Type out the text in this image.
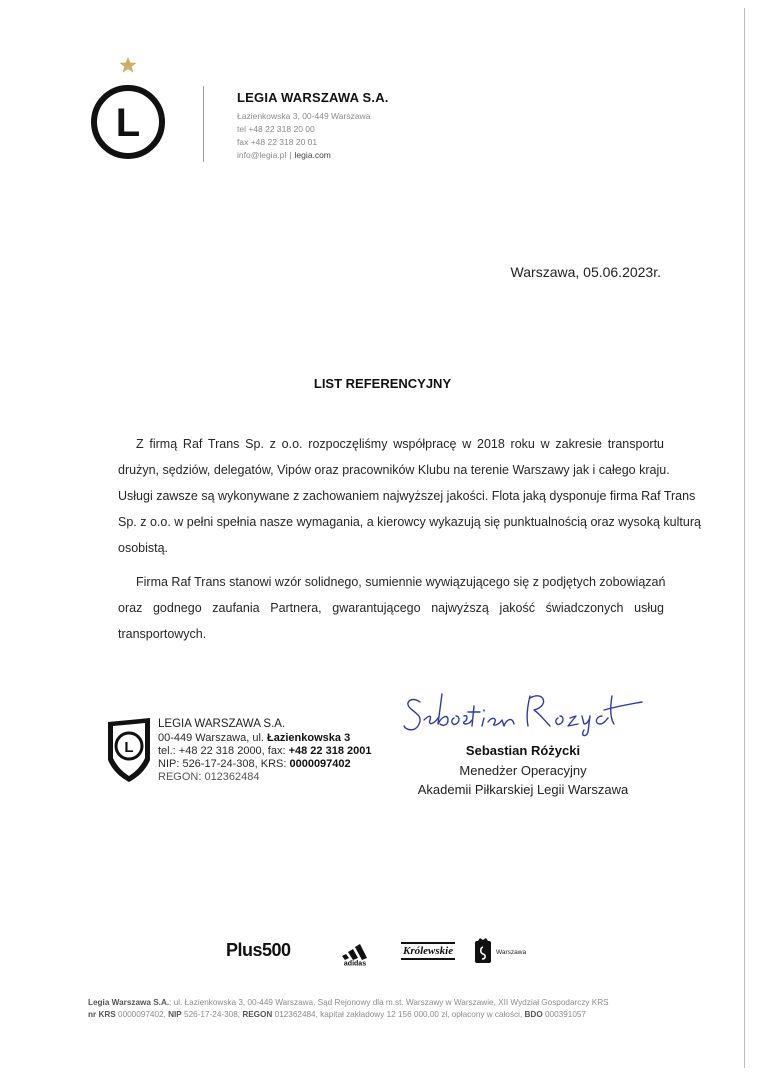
L
LEGIA WARSZAWA S.A.
Łazienkowska 3, 00-449 Warszawa
tel +48 22 318 20 00
fax +48 22 318 20 01
info@legia.pl | legia.com
Warszawa, 05.06.2023r.
LIST REFERENCYJNY
Z firmą Raf Trans Sp. z o.o. rozpoczęliśmy współpracę w 2018 roku w zakresie transportu
drużyn, sędziów, delegatów, Vipów oraz pracowników Klubu na terenie Warszawy jak i całego kraju.
Usługi zawsze są wykonywane z zachowaniem najwyższej jakości. Flota jaką dysponuje firma Raf Trans
Sp. z o.o. w pełni spełnia nasze wymagania, a kierowcy wykazują się punktualnością oraz wysoką kulturą
osobistą.
Firma Raf Trans stanowi wzór solidnego, sumiennie wywiązującego się z podjętych zobowiązań
oraz godnego zaufania Partnera, gwarantującego najwyższą jakość świadczonych usług
transportowych.
L
LEGIA WARSZAWA S.A.
00-449 Warszawa, ul. Łazienkowska 3
tel.: +48 22 318 2000, fax: +48 22 318 2001
NIP: 526-17-24-308, KRS: 0000097402
REGON: 012362484
Sebastian Różycki
Menedżer Operacyjny
Akademii Piłkarskiej Legii Warszawa
Plus500
adidas
Królewskie	Warszawa
Legia Warszawa S.A.; ul. Łazienkowska 3, 00-449 Warszawa, Sąd Rejonowy dla m.st. Warszawy w Warszawie, XII Wydział Gospodarczy KRS
nr KRS 0000097402, NIP 526-17-24-308, REGON 012362484, kapitał zakładowy 12 156 000,00 zł, opłacony w całości, BDO 000391057
